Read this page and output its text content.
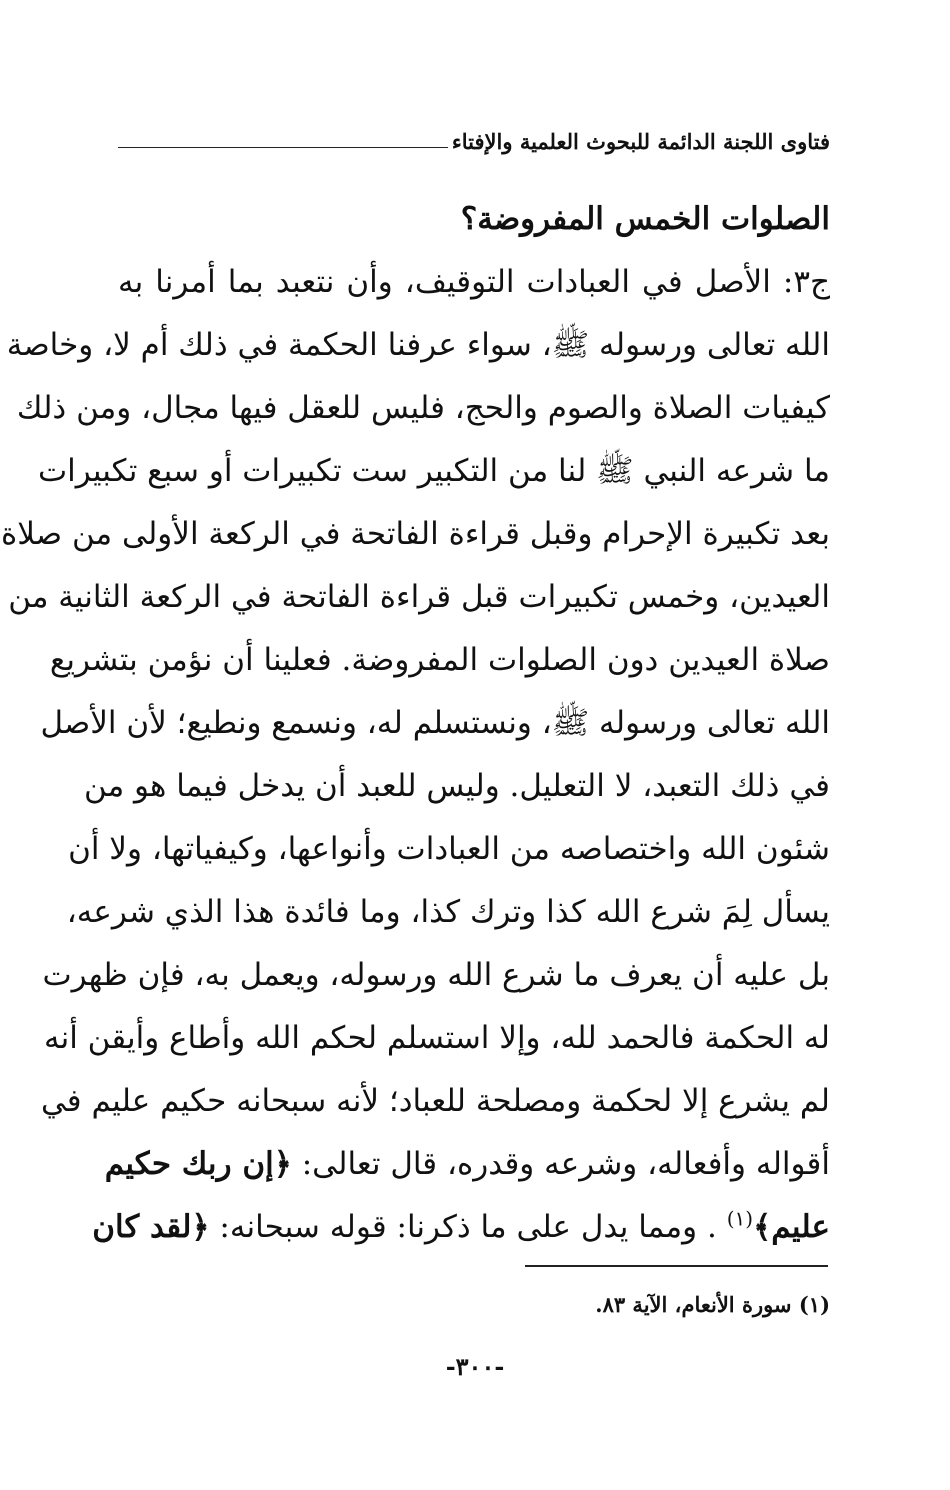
فتاوى اللجنة الدائمة للبحوث العلمية والإفتاء
الصلوات الخمس المفروضة؟
ج٣: الأصل في العبادات التوقيف، وأن نتعبد بما أمرنا به
الله تعالى ورسوله ﷺ، سواء عرفنا الحكمة في ذلك أم لا، وخاصة
كيفيات الصلاة والصوم والحج، فليس للعقل فيها مجال، ومن ذلك
ما شرعه النبي ﷺ لنا من التكبير ست تكبيرات أو سبع تكبيرات
بعد تكبيرة الإحرام وقبل قراءة الفاتحة في الركعة الأولى من صلاة
العيدين، وخمس تكبيرات قبل قراءة الفاتحة في الركعة الثانية من
صلاة العيدين دون الصلوات المفروضة. فعلينا أن نؤمن بتشريع
الله تعالى ورسوله ﷺ، ونستسلم له، ونسمع ونطيع؛ لأن الأصل
في ذلك التعبد، لا التعليل. وليس للعبد أن يدخل فيما هو من
شئون الله واختصاصه من العبادات وأنواعها، وكيفياتها، ولا أن
يسأل لِمَ شرع الله كذا وترك كذا، وما فائدة هذا الذي شرعه،
بل عليه أن يعرف ما شرع الله ورسوله، ويعمل به، فإن ظهرت
له الحكمة فالحمد لله، وإلا استسلم لحكم الله وأطاع وأيقن أنه
لم يشرع إلا لحكمة ومصلحة للعباد؛ لأنه سبحانه حكيم عليم في
أقواله وأفعاله، وشرعه وقدره، قال تعالى: ﴿إن ربك حكيم
عليم﴾$^{(١)}$ . ومما يدل على ما ذكرنا: قوله سبحانه: ﴿لقد كان
(١) سورة الأنعام، الآية ٨٣.
-٣٠٠-
